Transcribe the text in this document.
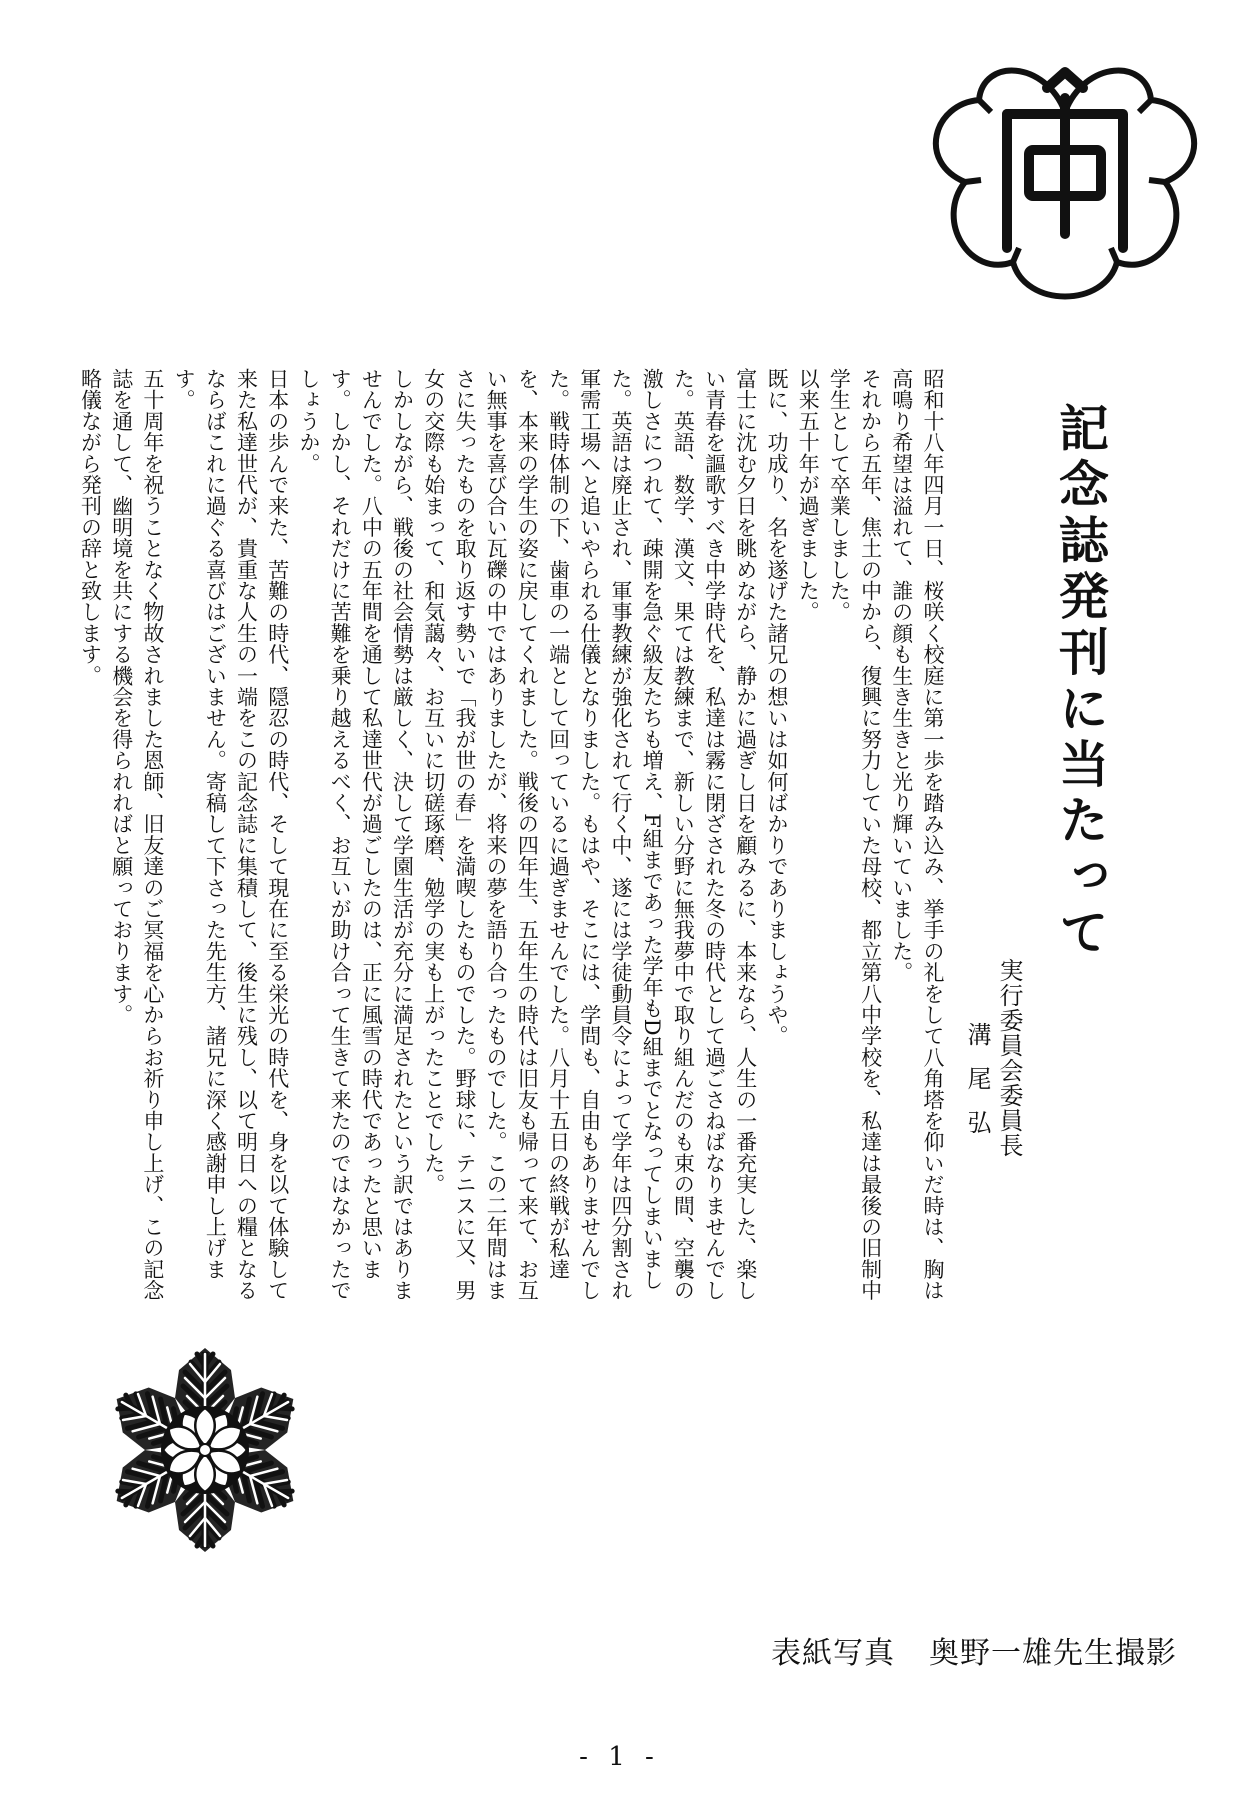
中
記念誌発刊に当たって
実行委員会委員長
溝尾弘

昭和十八年四月一日、桜咲く校庭に第一歩を踏み込み、挙手の礼をして八角塔を仰いだ時は、胸は高鳴り希望は溢れて、誰の顔も生き生きと光り輝いていました。

それから五年、焦土の中から、復興に努力していた母校、都立第八中学校を、私達は最後の旧制中学生として卒業しました。

以来五十年が過ぎました。

既に、功成り、名を遂げた諸兄の想いは如何ばかりでありましょうや。

富士に沈む夕日を眺めながら、静かに過ぎし日を顧みるに、本来なら、人生の一番充実した、楽しい青春を謳歌すべき中学時代を、私達は霧に閉ざされた冬の時代として過ごさねばなりませんでした。英語、数学、漢文、果ては教練まで、新しい分野に無我夢中で取り組んだのも束の間、空襲の激しさにつれて、疎開を急ぐ級友たちも増え、F組まであった学年もD組までとなってしまいました。英語は廃止され、軍事教練が強化されて行く中、遂には学徒動員令によって学年は四分割され軍需工場へと追いやられる仕儀となりました。もはや、そこには、学問も、自由もありませんでした。戦時体制の下、歯車の一端として回っているに過ぎませんでした。八月十五日の終戦が私達を、本来の学生の姿に戻してくれました。戦後の四年生、五年生の時代は旧友も帰って来て、お互い無事を喜び合い瓦礫の中ではありましたが、将来の夢を語り合ったものでした。この二年間はまさに失ったものを取り返す勢いで「我が世の春」を満喫したものでした。野球に、テニスに又、男女の交際も始まって、和気藹々、お互いに切磋琢磨、勉学の実も上がったことでした。

しかしながら、戦後の社会情勢は厳しく、決して学園生活が充分に満足されたという訳ではありませんでした。八中の五年間を通して私達世代が過ごしたのは、正に風雪の時代であったと思います。しかし、それだけに苦難を乗り越えるべく、お互いが助け合って生きて来たのではなかったでしょうか。

日本の歩んで来た、苦難の時代、隠忍の時代、そして現在に至る栄光の時代を、身を以て体験して来た私達世代が、貴重な人生の一端をこの記念誌に集積して、後生に残し、以て明日への糧となるならばこれに過ぐる喜びはございません。寄稿して下さった先生方、諸兄に深く感謝申し上げます。

五十周年を祝うことなく物故されました恩師、旧友達のご冥福を心からお祈り申し上げ、この記念誌を通して、幽明境を共にする機会を得られればと願っております。

略儀ながら発刊の辞と致します。

表紙写真 奥野一雄先生撮影
- 1 -
